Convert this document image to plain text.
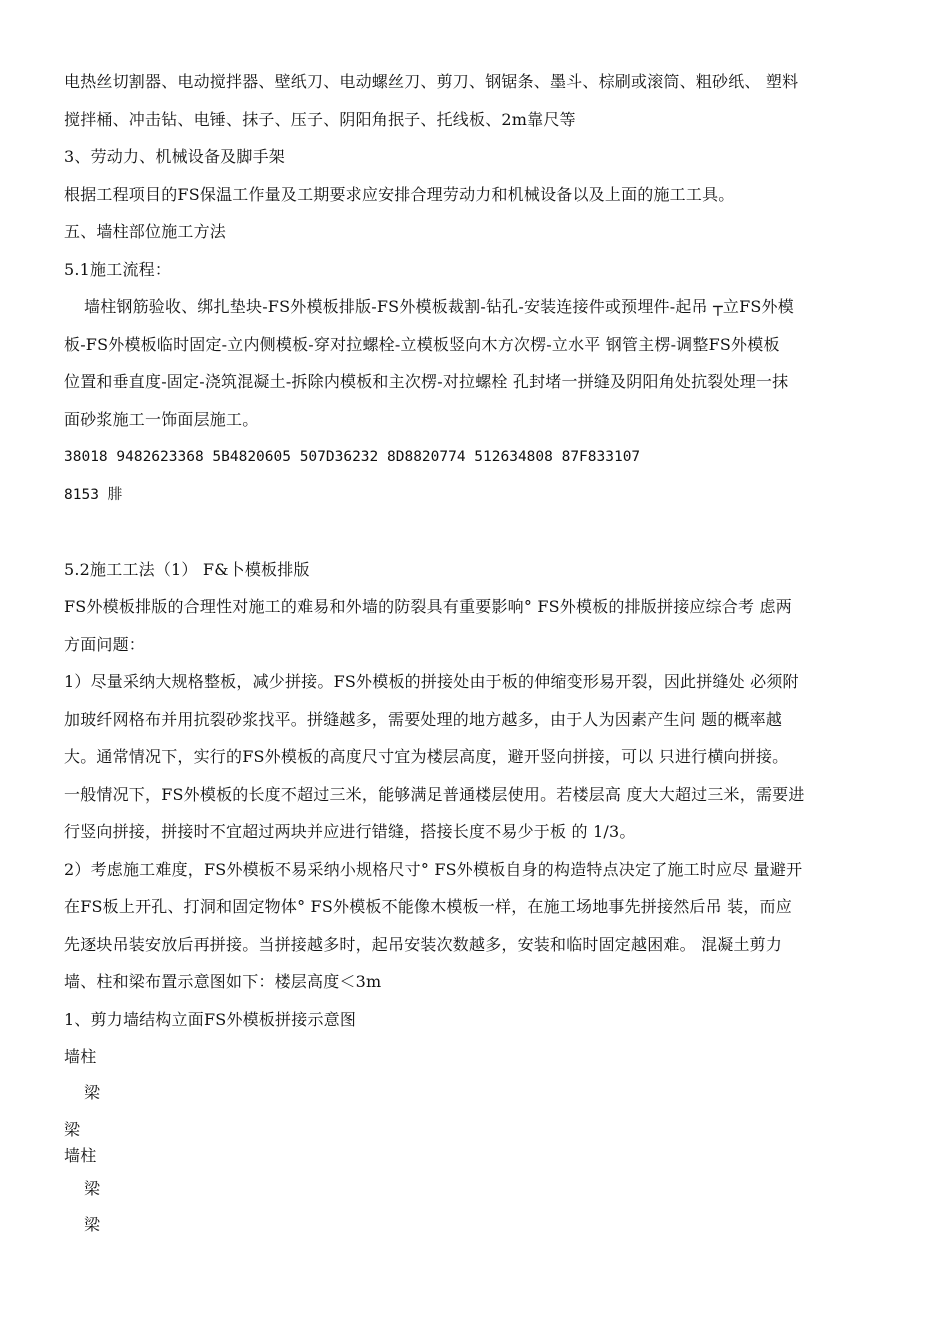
电热丝切割器、电动搅拌器、壁纸刀、电动螺丝刀、剪刀、钢锯条、墨斗、棕刷或滚筒、粗砂纸、 塑料
搅拌桶、冲击钻、电锤、抹子、压子、阴阳角抿子、托线板、2m靠尺等
3、劳动力、机械设备及脚手架
根据工程项目的FS保温工作量及工期要求应安排合理劳动力和机械设备以及上面的施工工具。
五、墙柱部位施工方法
5.1施工流程：
墙柱钢筋验收、绑扎垫块-FS外模板排版-FS外模板裁割-钻孔-安装连接件或预埋件-起吊 ┬立FS外模
板-FS外模板临时固定-立内侧模板-穿对拉螺栓-立模板竖向木方次楞-立水平 钢管主楞-调整FS外模板
位置和垂直度-固定-浇筑混凝土-拆除内模板和主次楞-对拉螺栓 孔封堵一拼缝及阴阳角处抗裂处理一抹
面砂浆施工一饰面层施工。
38018 9482623368 5B4820605 507D36232 8D8820774 512634808 87F833107
8153 腓
5.2施工工法（1） F&卜模板排版
FS外模板排版的合理性对施工的难易和外墙的防裂具有重要影响° FS外模板的排版拼接应综合考 虑两
方面问题：
1）尽量采纳大规格整板，减少拼接。FS外模板的拼接处由于板的伸缩变形易开裂，因此拼缝处 必须附
加玻纤网格布并用抗裂砂浆找平。拼缝越多，需要处理的地方越多，由于人为因素产生问 题的概率越
大。通常情况下，实行的FS外模板的高度尺寸宜为楼层高度，避开竖向拼接，可以 只进行横向拼接。
一般情况下，FS外模板的长度不超过三米，能够满足普通楼层使用。若楼层高 度大大超过三米，需要进
行竖向拼接，拼接时不宜超过两块并应进行错缝，搭接长度不易少于板 的 1/3。
2）考虑施工难度，FS外模板不易采纳小规格尺寸° FS外模板自身的构造特点决定了施工时应尽 量避开
在FS板上开孔、打洞和固定物体° FS外模板不能像木模板一样，在施工场地事先拼接然后吊 装，而应
先逐块吊装安放后再拼接。当拼接越多时，起吊安装次数越多，安装和临时固定越困难。 混凝土剪力
墙、柱和梁布置示意图如下：楼层高度＜3m
1、剪力墙结构立面FS外模板拼接示意图
墙柱
梁
梁
墙柱
梁
梁
